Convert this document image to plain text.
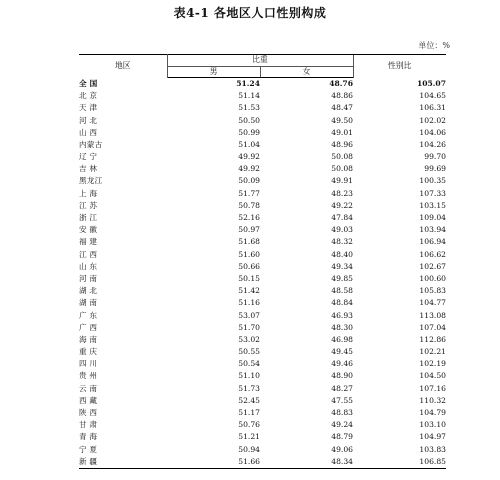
表4-1 各地区人口性别构成
单位：%
地区	比重		性别比
	男	女	
全 国	51.24	48.76	105.07
北 京	51.14	48.86	104.65
天 津	51.53	48.47	106.31
河 北	50.50	49.50	102.02
山 西	50.99	49.01	104.06
内蒙古	51.04	48.96	104.26
辽 宁	49.92	50.08	99.70
吉 林	49.92	50.08	99.69
黑龙江	50.09	49.91	100.35
上 海	51.77	48.23	107.33
江 苏	50.78	49.22	103.15
浙 江	52.16	47.84	109.04
安 徽	50.97	49.03	103.94
福 建	51.68	48.32	106.94
江 西	51.60	48.40	106.62
山 东	50.66	49.34	102.67
河 南	50.15	49.85	100.60
湖 北	51.42	48.58	105.83
湖 南	51.16	48.84	104.77
广 东	53.07	46.93	113.08
广 西	51.70	48.30	107.04
海 南	53.02	46.98	112.86
重 庆	50.55	49.45	102.21
四 川	50.54	49.46	102.19
贵 州	51.10	48.90	104.50
云 南	51.73	48.27	107.16
西 藏	52.45	47.55	110.32
陕 西	51.17	48.83	104.79
甘 肃	50.76	49.24	103.10
青 海	51.21	48.79	104.97
宁 夏	50.94	49.06	103.83
新 疆	51.66	48.34	106.85
